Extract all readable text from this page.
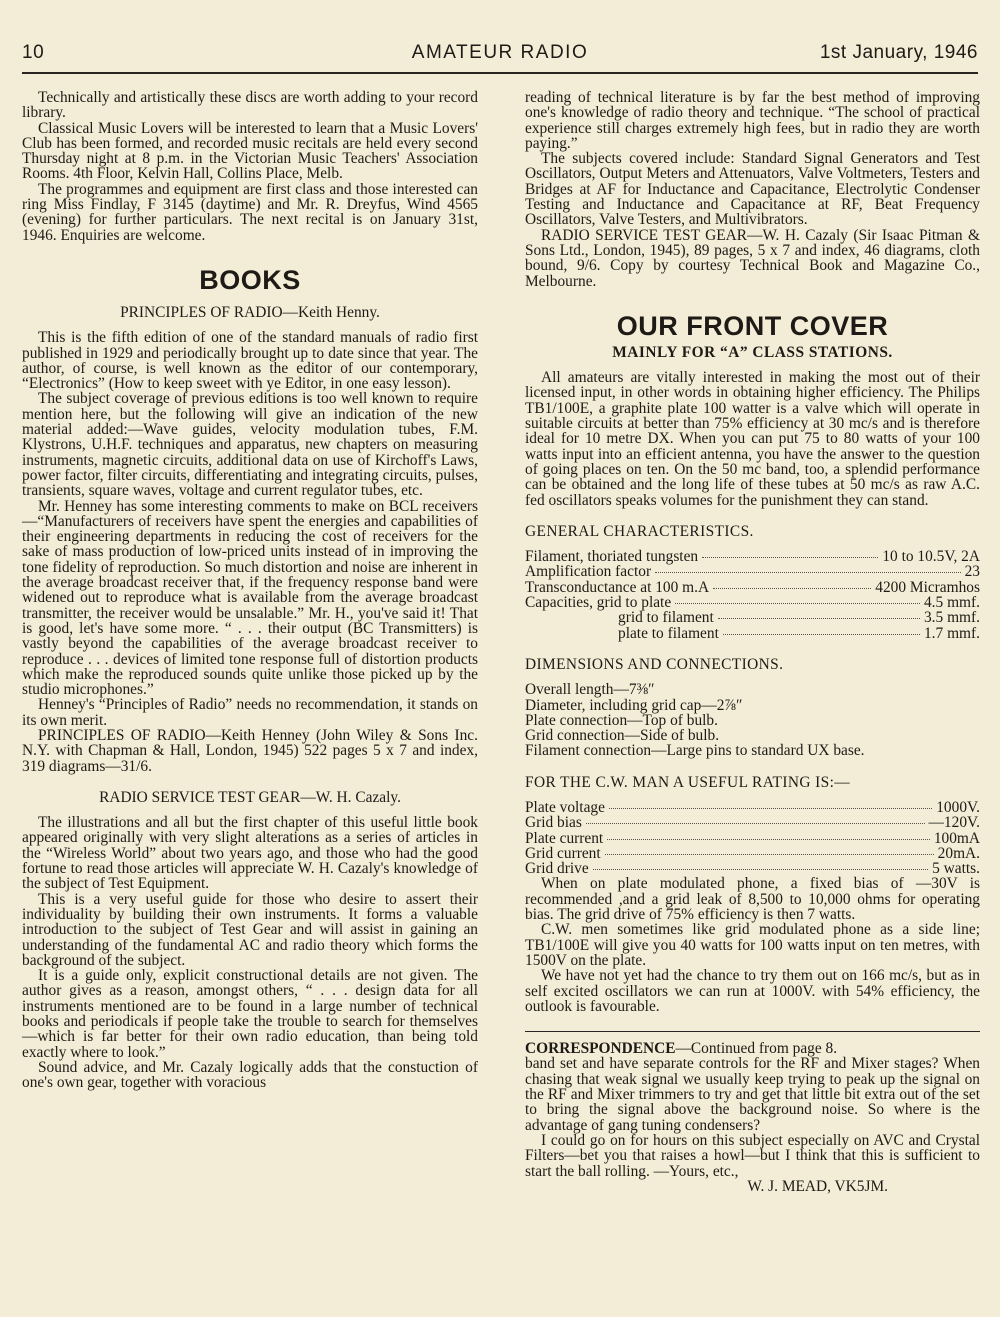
10	AMATEUR RADIO	1st January, 1946

Technically and artistically these discs are worth adding to your record library.

Classical Music Lovers will be interested to learn that a Music Lovers' Club has been formed, and recorded music recitals are held every second Thursday night at 8 p.m. in the Victorian Music Teachers' Association Rooms. 4th Floor, Kelvin Hall, Collins Place, Melb.

The programmes and equipment are first class and those interested can ring Miss Findlay, F 3145 (daytime) and Mr. R. Dreyfus, Wind 4565 (evening) for further particulars. The next recital is on January 31st, 1946. Enquiries are welcome.

BOOKS

PRINCIPLES OF RADIO—Keith Henny.

This is the fifth edition of one of the standard manuals of radio first published in 1929 and periodically brought up to date since that year. The author, of course, is well known as the editor of our contemporary, “Electronics” (How to keep sweet with ye Editor, in one easy lesson).

The subject coverage of previous editions is too well known to require mention here, but the following will give an indication of the new material added:—Wave guides, velocity modulation tubes, F.M. Klystrons, U.H.F. techniques and apparatus, new chapters on measuring instruments, magnetic circuits, additional data on use of Kirchoff's Laws, power factor, filter circuits, differentiating and integrating circuits, pulses, transients, square waves, voltage and current regulator tubes, etc.

Mr. Henney has some interesting comments to make on BCL receivers—“Manufacturers of receivers have spent the energies and capabilities of their engineering departments in reducing the cost of receivers for the sake of mass production of low-priced units instead of in improving the tone fidelity of reproduction. So much distortion and noise are inherent in the average broadcast receiver that, if the frequency response band were widened out to reproduce what is available from the average broadcast transmitter, the receiver would be unsalable.” Mr. H., you've said it! That is good, let's have some more. “ . . . their output (BC Transmitters) is vastly beyond the capabilities of the average broadcast receiver to reproduce . . . devices of limited tone response full of distortion products which make the reproduced sounds quite unlike those picked up by the studio microphones.”

Henney's “Principles of Radio” needs no recommendation, it stands on its own merit.

PRINCIPLES OF RADIO—Keith Henney (John Wiley & Sons Inc. N.Y. with Chapman & Hall, London, 1945) 522 pages 5 x 7 and index, 319 diagrams—31/6.

RADIO SERVICE TEST GEAR—W. H. Cazaly.

The illustrations and all but the first chapter of this useful little book appeared originally with very slight alterations as a series of articles in the “Wireless World” about two years ago, and those who had the good fortune to read those articles will appreciate W. H. Cazaly's knowledge of the subject of Test Equipment.

This is a very useful guide for those who desire to assert their individuality by building their own instruments. It forms a valuable introduction to the subject of Test Gear and will assist in gaining an understanding of the fundamental AC and radio theory which forms the background of the subject.

It is a guide only, explicit constructional details are not given. The author gives as a reason, amongst others, “ . . . design data for all instruments mentioned are to be found in a large number of technical books and periodicals if people take the trouble to search for themselves—which is far better for their own radio education, than being told exactly where to look.”

Sound advice, and Mr. Cazaly logically adds that the constuction of one's own gear, together with voracious

reading of technical literature is by far the best method of improving one's knowledge of radio theory and technique. “The school of practical experience still charges extremely high fees, but in radio they are worth paying.”

The subjects covered include: Standard Signal Generators and Test Oscillators, Output Meters and Attenuators, Valve Voltmeters, Testers and Bridges at AF for Inductance and Capacitance, Electrolytic Condenser Testing and Inductance and Capacitance at RF, Beat Frequency Oscillators, Valve Testers, and Multivibrators.

RADIO SERVICE TEST GEAR—W. H. Cazaly (Sir Isaac Pitman & Sons Ltd., London, 1945), 89 pages, 5 x 7 and index, 46 diagrams, cloth bound, 9/6. Copy by courtesy Technical Book and Magazine Co., Melbourne.

OUR FRONT COVER

MAINLY FOR “A” CLASS STATIONS.

All amateurs are vitally interested in making the most out of their licensed input, in other words in obtaining higher efficiency. The Philips TB1/100E, a graphite plate 100 watter is a valve which will operate in suitable circuits at better than 75% efficiency at 30 mc/s and is therefore ideal for 10 metre DX. When you can put 75 to 80 watts of your 100 watts input into an efficient antenna, you have the answer to the question of going places on ten. On the 50 mc band, too, a splendid performance can be obtained and the long life of these tubes at 50 mc/s as raw A.C. fed oscillators speaks volumes for the punishment they can stand.

GENERAL CHARACTERISTICS.

Filament, thoriated tungsten	10 to 10.5V, 2A
Amplification factor	23
Transconductance at 100 m.A	4200 Micramhos
Capacities, grid to plate	4.5 mmf.
grid to filament	3.5 mmf.
plate to filament	1.7 mmf.

DIMENSIONS AND CONNECTIONS.

Overall length—7⅜″

Diameter, including grid cap—2⅞″

Plate connection—Top of bulb.

Grid connection—Side of bulb.

Filament connection—Large pins to standard UX base.

FOR THE C.W. MAN A USEFUL RATING IS:—

Plate voltage	1000V.
Grid bias	—120V.
Plate current	100mA
Grid current	20mA.
Grid drive	5 watts.

When on plate modulated phone, a fixed bias of —30V is recommended ,and a grid leak of 8,500 to 10,000 ohms for operating bias. The grid drive of 75% efficiency is then 7 watts.

C.W. men sometimes like grid modulated phone as a side line; TB1/100E will give you 40 watts for 100 watts input on ten metres, with 1500V on the plate.

We have not yet had the chance to try them out on 166 mc/s, but as in self excited oscillators we can run at 1000V. with 54% efficiency, the outlook is favourable.

CORRESPONDENCE—Continued from page 8.

band set and have separate controls for the RF and Mixer stages? When chasing that weak signal we usually keep trying to peak up the signal on the RF and Mixer trimmers to try and get that little bit extra out of the set to bring the signal above the background noise. So where is the advantage of gang tuning condensers?

I could go on for hours on this subject especially on AVC and Crystal Filters—bet you that raises a howl—but I think that this is sufficient to start the ball rolling. —Yours, etc.,

W. J. MEAD, VK5JM.
